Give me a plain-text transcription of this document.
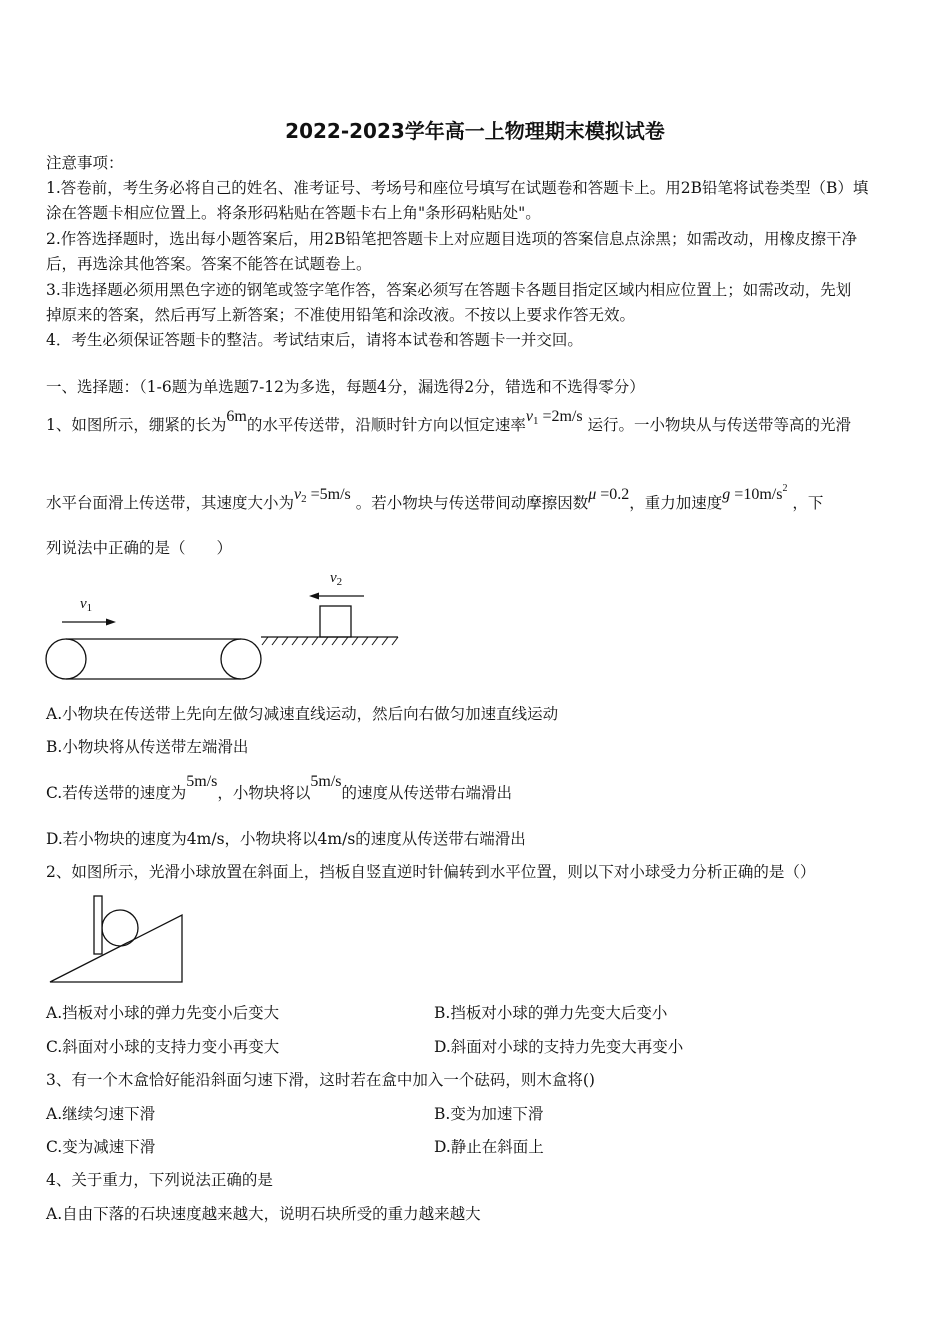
2022-2023学年高一上物理期末模拟试卷
注意事项：
1.答卷前，考生务必将自己的姓名、准考证号、考场号和座位号填写在试题卷和答题卡上。用2B铅笔将试卷类型（B）填
涂在答题卡相应位置上。将条形码粘贴在答题卡右上角"条形码粘贴处"。
2.作答选择题时，选出每小题答案后，用2B铅笔把答题卡上对应题目选项的答案信息点涂黑；如需改动，用橡皮擦干净
后，再选涂其他答案。答案不能答在试题卷上。
3.非选择题必须用黑色字迹的钢笔或签字笔作答，答案必须写在答题卡各题目指定区域内相应位置上；如需改动，先划
掉原来的答案，然后再写上新答案；不准使用铅笔和涂改液。不按以上要求作答无效。
4．考生必须保证答题卡的整洁。考试结束后，请将本试卷和答题卡一并交回。
一、选择题：（1-6题为单选题7-12为多选，每题4分，漏选得2分，错选和不选得零分）
1、如图所示，绷紧的长为6m的水平传送带，沿顺时针方向以恒定速率$v_1 =2m/s$ 运行。一小物块从与传送带等高的光滑
水平台面滑上传送带，其速度大小为$v_2 =5m/s$ 。若小物块与传送带间动摩擦因数μ =0.2，重力加速度$g =10m/s^2$ ，下
列说法中正确的是（　　）
$v_1$
$v_2$
A.小物块在传送带上先向左做匀减速直线运动，然后向右做匀加速直线运动
B.小物块将从传送带左端滑出
C.若传送带的速度为5m/s，小物块将以5m/s的速度从传送带右端滑出
D.若小物块的速度为4m/s，小物块将以4m/s的速度从传送带右端滑出
2、如图所示，光滑小球放置在斜面上，挡板自竖直逆时针偏转到水平位置，则以下对小球受力分析正确的是（）
A.挡板对小球的弹力先变小后变大	B.挡板对小球的弹力先变大后变小
C.斜面对小球的支持力变小再变大	D.斜面对小球的支持力先变大再变小
3、有一个木盒恰好能沿斜面匀速下滑，这时若在盒中加入一个砝码，则木盒将()
A.继续匀速下滑	B.变为加速下滑
C.变为减速下滑	D.静止在斜面上
4、关于重力，下列说法正确的是
A.自由下落的石块速度越来越大，说明石块所受的重力越来越大
